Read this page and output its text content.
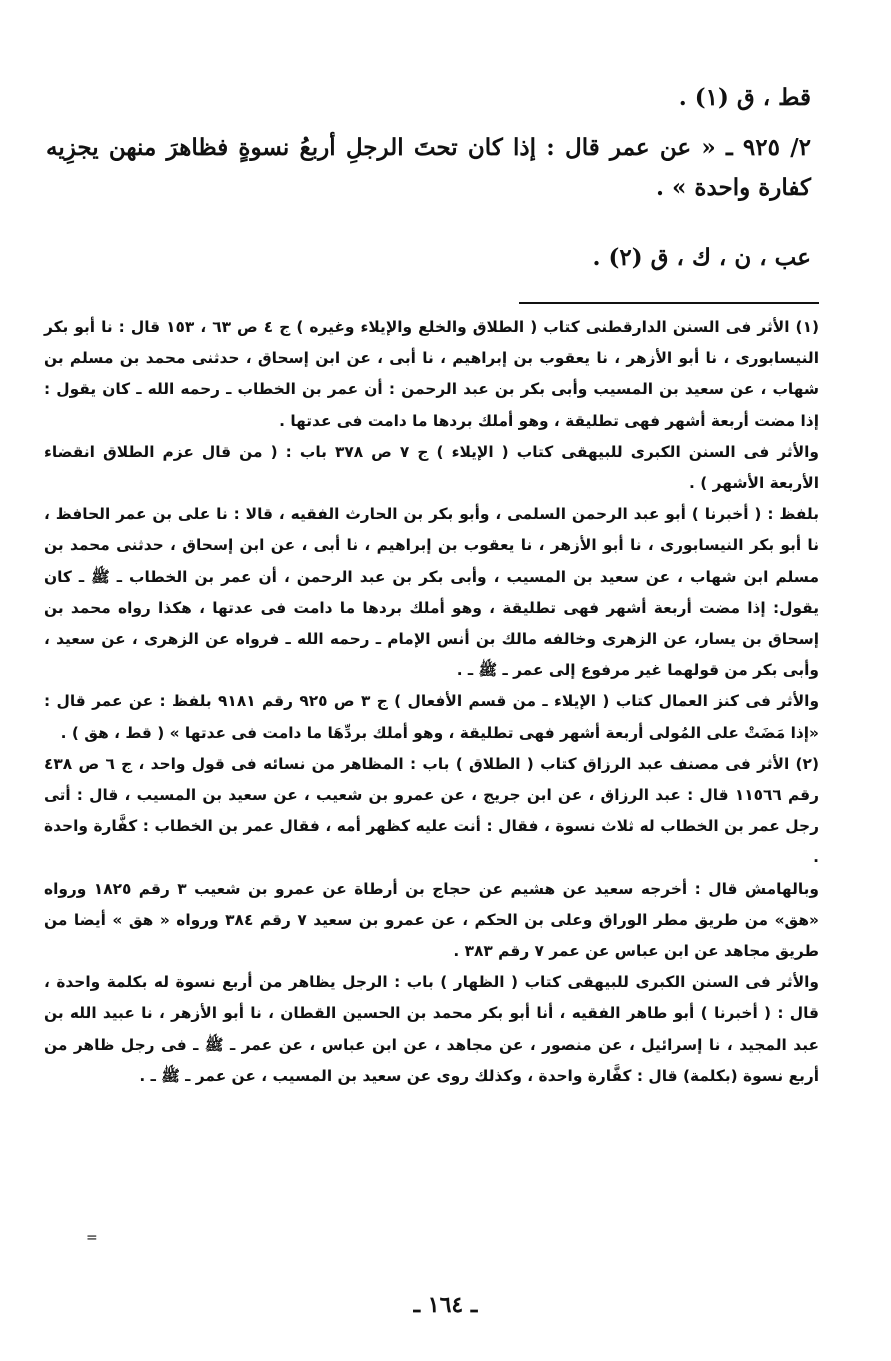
قط ، ق (١) .
٢/ ٩٢٥ ـ « عن عمر قال : إذا كان تحتَ الرجلِ أربعُ نسوةٍ فظاهرَ منهن يجزِيه كفارة واحدة » .
عب ، ن ، ك ، ق (٢) .

(١) الأثر فى السنن الدارقطنى كتاب ( الطلاق والخلع والإيلاء وغيره ) ج ٤ ص ٦٣ ، ١٥٣ قال : نا أبو بكر النيسابورى ، نا أبو الأزهر ، نا يعقوب بن إبراهيم ، نا أبى ، عن ابن إسحاق ، حدثنى محمد بن مسلم بن شهاب ، عن سعيد بن المسيب وأبى بكر بن عبد الرحمن : أن عمر بن الخطاب ـ رحمه الله ـ كان يقول : إذا مضت أربعة أشهر فهى تطليقة ، وهو أملك بردها ما دامت فى عدتها .

والأثر فى السنن الكبرى للبيهقى كتاب ( الإيلاء ) ج ٧ ص ٣٧٨ باب : ( من قال عزم الطلاق انقضاء الأربعة الأشهر ) .

بلفظ : ( أخبرنا ) أبو عبد الرحمن السلمى ، وأبو بكر بن الحارث الفقيه ، قالا : نا على بن عمر الحافظ ، نا أبو بكر النيسابورى ، نا أبو الأزهر ، نا يعقوب بن إبراهيم ، نا أبى ، عن ابن إسحاق ، حدثنى محمد بن مسلم ابن شهاب ، عن سعيد بن المسيب ، وأبى بكر بن عبد الرحمن ، أن عمر بن الخطاب ـ ﷺ ـ كان يقول: إذا مضت أربعة أشهر فهى تطليقة ، وهو أملك بردها ما دامت فى عدتها ، هكذا رواه محمد بن إسحاق بن يسار، عن الزهرى وخالفه مالك بن أنس الإمام ـ رحمه الله ـ فرواه عن الزهرى ، عن سعيد ، وأبى بكر من قولهما غير مرفوع إلى عمر ـ ﷺ ـ .

والأثر فى كنز العمال كتاب ( الإيلاء ـ من قسم الأفعال ) ج ٣ ص ٩٢٥ رقم ٩١٨١ بلفظ : عن عمر قال : «إذا مَضَتْ على المُولى أربعة أشهر فهى تطليقة ، وهو أملك بردِّهَا ما دامت فى عدتها » ( قط ، هق ) .

(٢) الأثر فى مصنف عبد الرزاق كتاب ( الطلاق ) باب : المظاهر من نسائه فى قول واحد ، ج ٦ ص ٤٣٨ رقم ١١٥٦٦ قال : عبد الرزاق ، عن ابن جريج ، عن عمرو بن شعيب ، عن سعيد بن المسيب ، قال : أتى رجل عمر بن الخطاب له ثلاث نسوة ، فقال : أنت عليه كظهر أمه ، فقال عمر بن الخطاب : كفَّارة واحدة .

وبالهامش قال : أخرجه سعيد عن هشيم عن حجاج بن أرطاة عن عمرو بن شعيب ٣ رقم ١٨٢٥ ورواه «هق» من طريق مطر الوراق وعلى بن الحكم ، عن عمرو بن سعيد ٧ رقم ٣٨٤ ورواه « هق » أيضا من طريق مجاهد عن ابن عباس عن عمر ٧ رقم ٣٨٣ .

والأثر فى السنن الكبرى للبيهقى كتاب ( الظهار ) باب : الرجل يظاهر من أربع نسوة له بكلمة واحدة ، قال : ( أخبرنا ) أبو طاهر الفقيه ، أنا أبو بكر محمد بن الحسين القطان ، نا أبو الأزهر ، نا عبيد الله بن عبد المجيد ، نا إسرائيل ، عن منصور ، عن مجاهد ، عن ابن عباس ، عن عمر ـ ﷺ ـ فى رجل ظاهر من أربع نسوة (بكلمة) قال : كفَّارة واحدة ، وكذلك روى عن سعيد بن المسيب ، عن عمر ـ ﷺ ـ .

=
ـ ١٦٤ ـ
